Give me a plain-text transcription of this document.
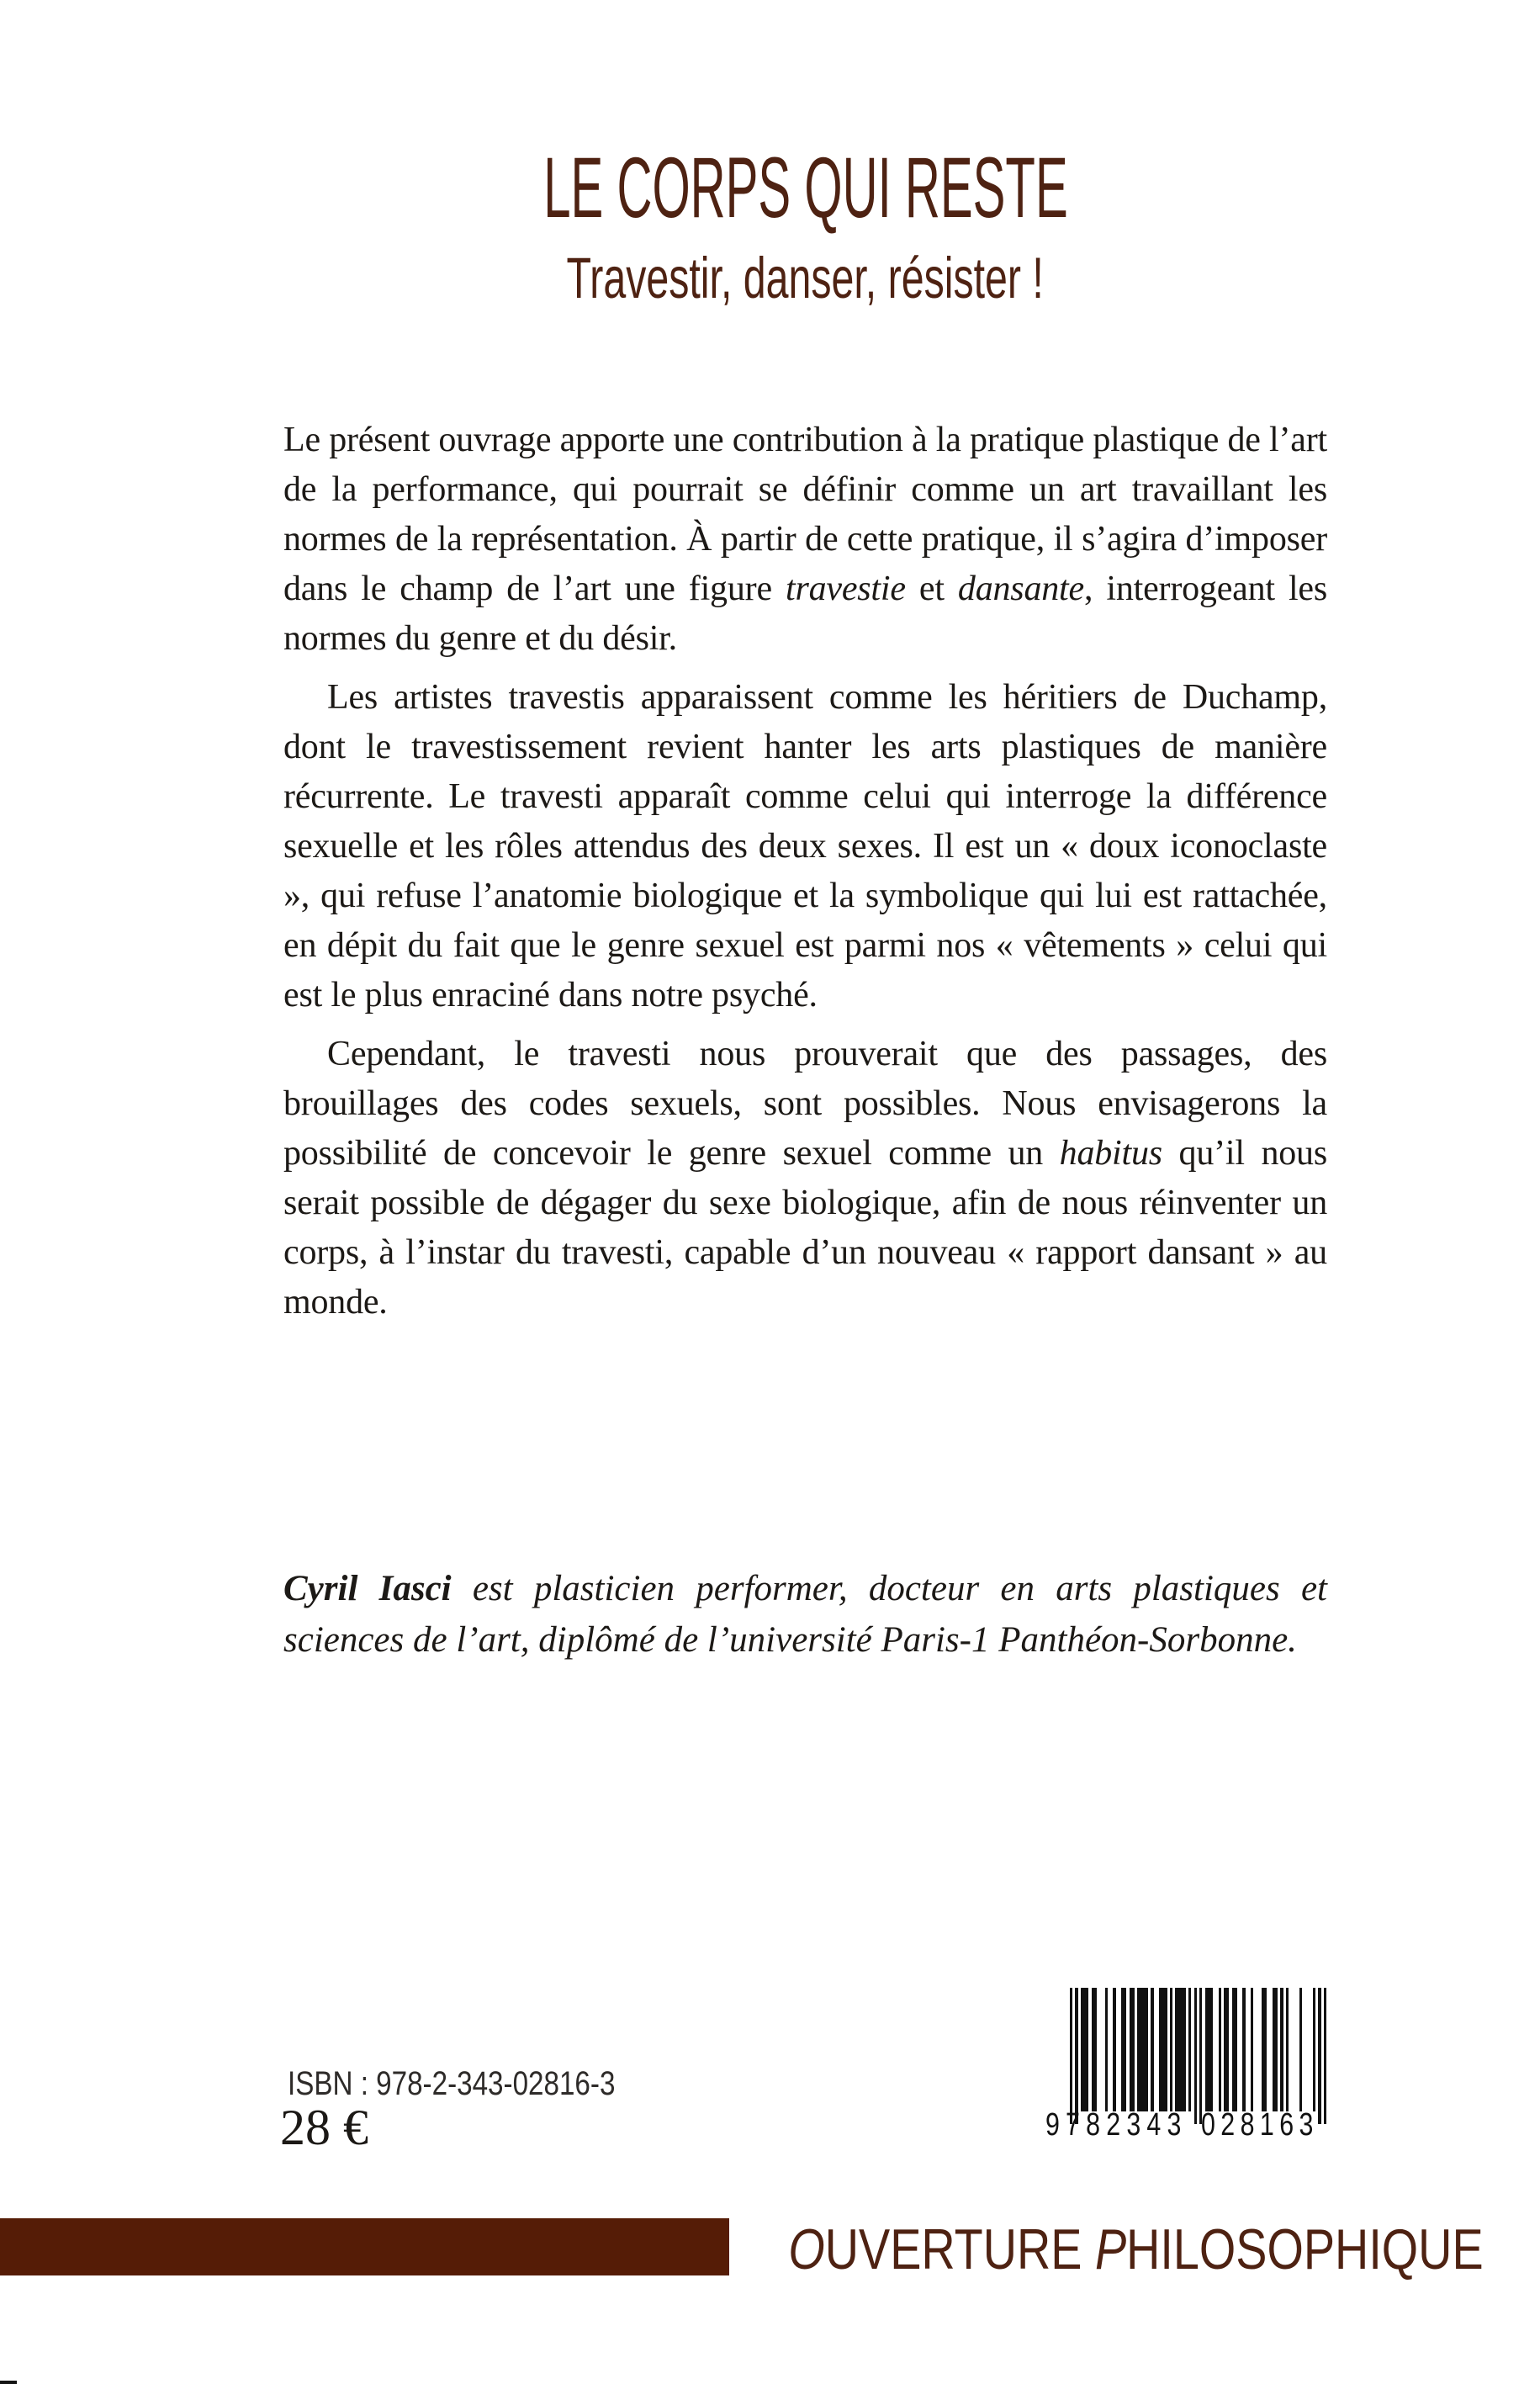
LE CORPS QUI RESTE
Travestir, danser, résister !

Le présent ouvrage apporte une contribution à la pratique plastique de l’art de la performance, qui pourrait se définir comme un art travaillant les normes de la représentation. À partir de cette pratique, il s’agira d’imposer dans le champ de l’art une figure travestie et dansante, interrogeant les normes du genre et du désir.

Les artistes travestis apparaissent comme les héritiers de Duchamp, dont le travestissement revient hanter les arts plastiques de manière récurrente. Le travesti apparaît comme celui qui interroge la différence sexuelle et les rôles attendus des deux sexes. Il est un « doux iconoclaste », qui refuse l’anatomie biologique et la symbolique qui lui est rattachée, en dépit du fait que le genre sexuel est parmi nos « vêtements » celui qui est le plus enraciné dans notre psyché.

Cependant, le travesti nous prouverait que des passages, des brouillages des codes sexuels, sont possibles. Nous envisagerons la possibilité de concevoir le genre sexuel comme un habitus qu’il nous serait possible de dégager du sexe biologique, afin de nous réinventer un corps, à l’instar du travesti, capable d’un nouveau « rapport dansant » au monde.

Cyril Iasci est plasticien performer, docteur en arts plastiques et sciences de l’art, diplômé de l’université Paris-1 Panthéon-Sorbonne.

ISBN : 978-2-343-02816-3
28 €	9 782343 028163
OUVERTURE PHILOSOPHIQUE
